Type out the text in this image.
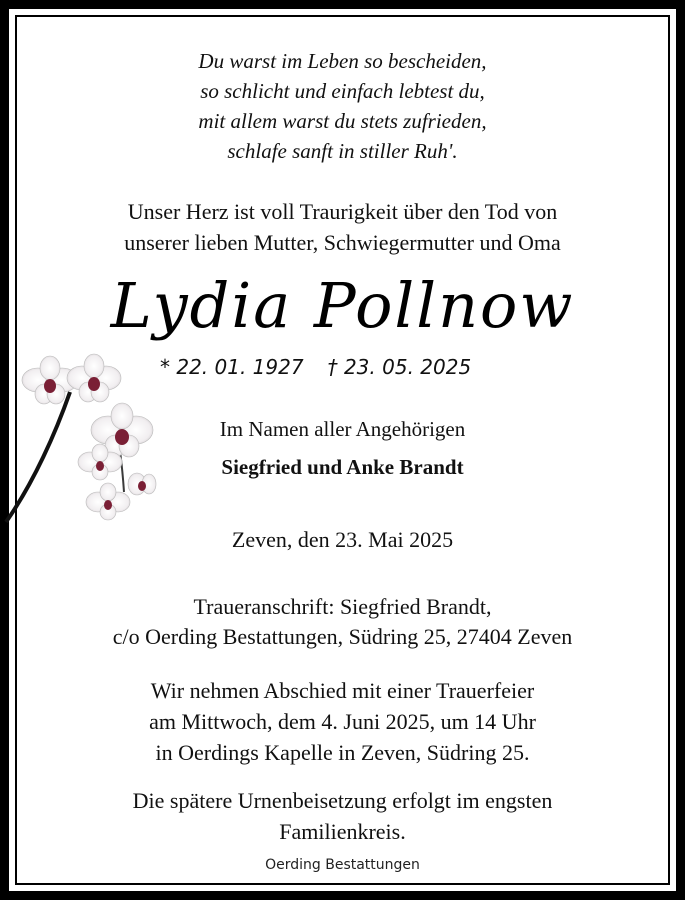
Du warst im Leben so bescheiden,
so schlicht und einfach lebtest du,
mit allem warst du stets zufrieden,
schlafe sanft in stiller Ruh'.
Unser Herz ist voll Traurigkeit über den Tod von
unserer lieben Mutter, Schwiegermutter und Oma
Lydia Pollnow
* 22. 01. 1927 † 23. 05. 2025
Im Namen aller Angehörigen
Siegfried und Anke Brandt
Zeven, den 23. Mai 2025
Traueranschrift: Siegfried Brandt,
c/o Oerding Bestattungen, Südring 25, 27404 Zeven
Wir nehmen Abschied mit einer Trauerfeier
am Mittwoch, dem 4. Juni 2025, um 14 Uhr
in Oerdings Kapelle in Zeven, Südring 25.
Die spätere Urnenbeisetzung erfolgt im engsten
Familienkreis.
Oerding Bestattungen
